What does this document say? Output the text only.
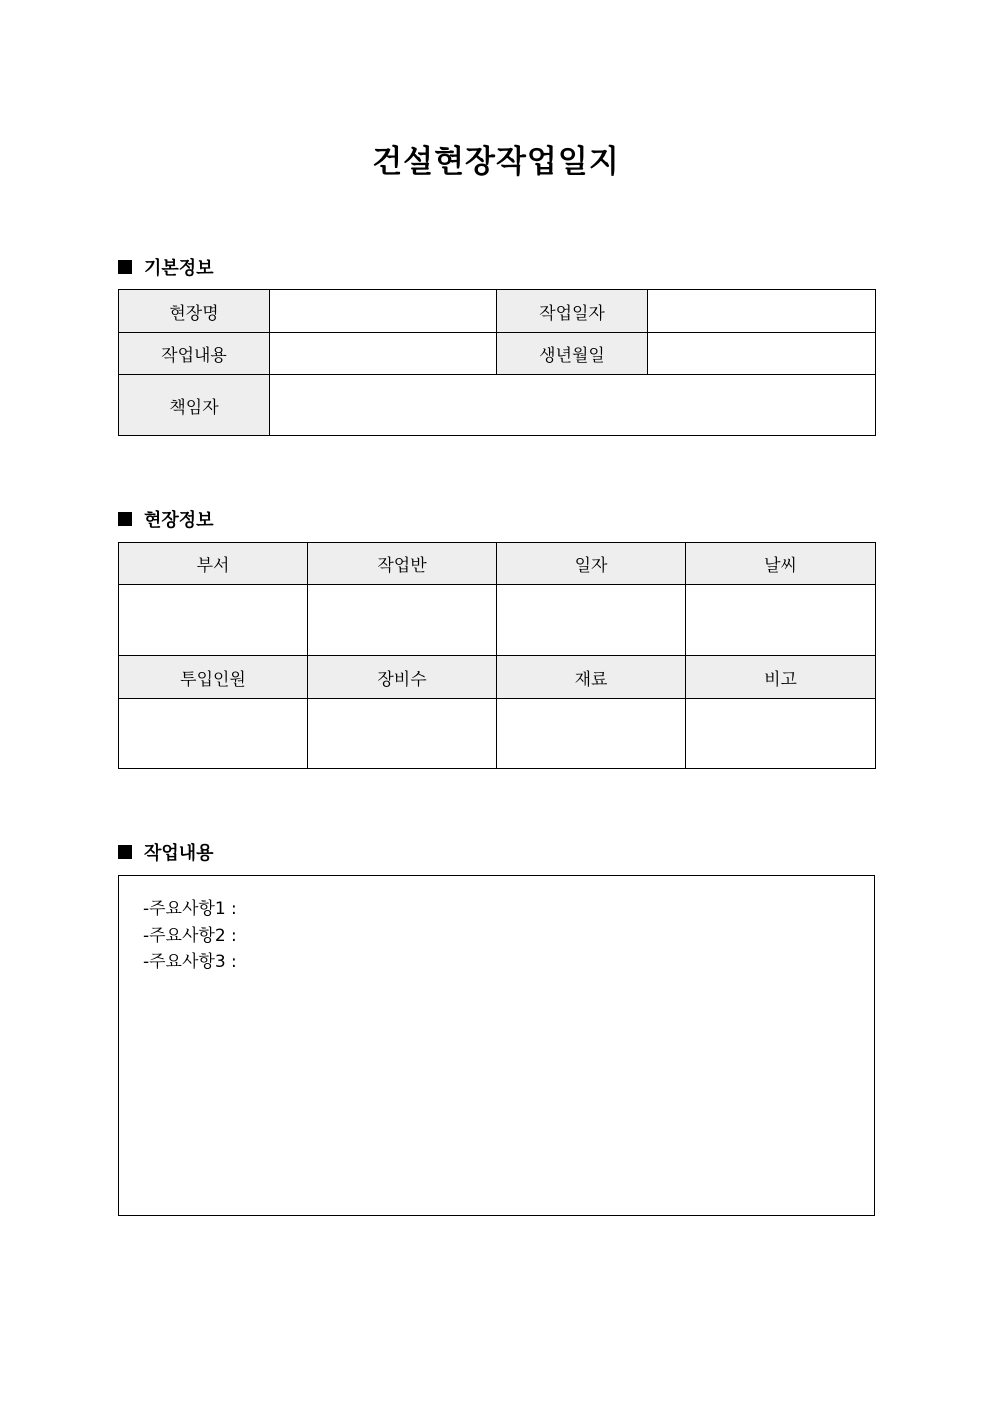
건설현장작업일지
기본정보
현장명		작업일자	
작업내용		생년월일	
책임자			
현장정보
부서	작업반	일자	날씨

투입인원	장비수	재료	비고

작업내용
-주요사항1 :
-주요사항2 :
-주요사항3 :
